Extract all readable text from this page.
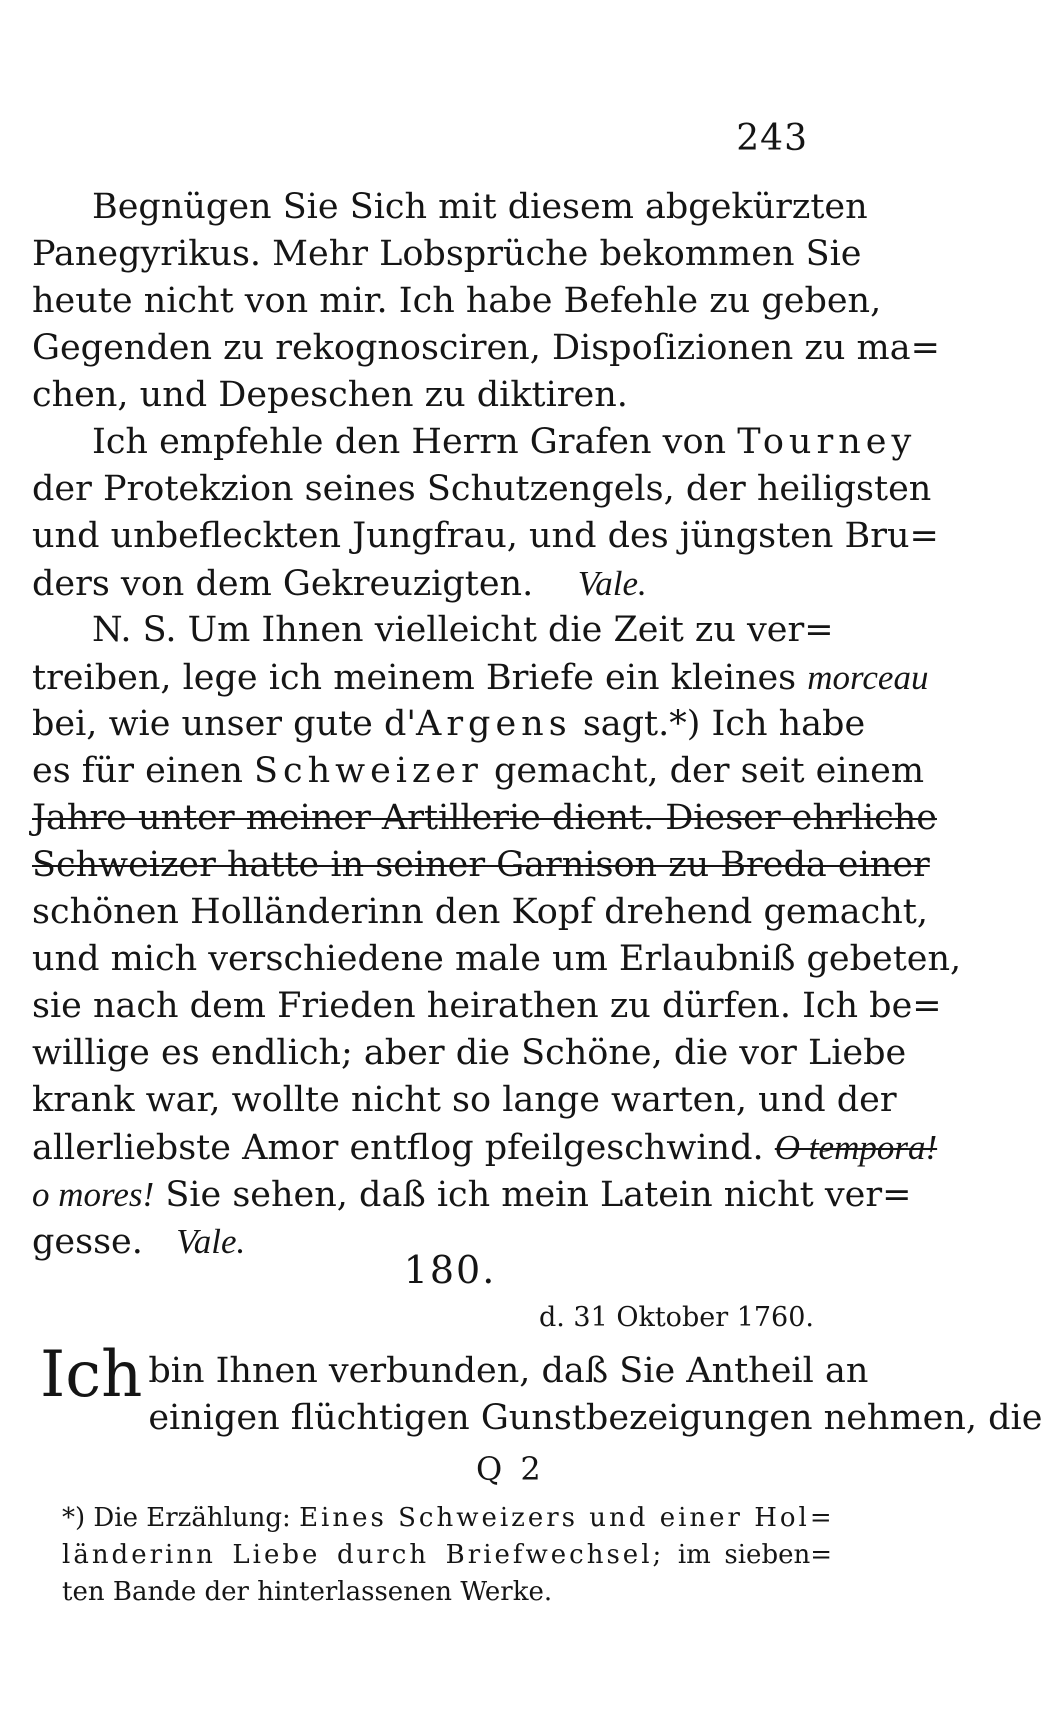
243
Begnügen Sie Sich mit diesem abgekürzten
Panegyrikus. Mehr Lobsprüche bekommen Sie
heute nicht von mir. Ich habe Befehle zu geben,
Gegenden zu rekognosciren, Dispoſizionen zu ma=
chen, und Depeschen zu diktiren.
Ich empfehle den Herrn Grafen von Tourney
der Protekzion seines Schutzengels, der heiligsten
und unbefleckten Jungfrau, und des jüngsten Bru=
ders von dem Gekreuzigten. Vale.
N. S. Um Ihnen vielleicht die Zeit zu ver=
treiben, lege ich meinem Briefe ein kleines morceau
bei, wie unser gute d'Argens sagt.*) Ich habe
es für einen Schweizer gemacht, der seit einem
Jahre unter meiner Artillerie dient. Dieser ehrliche
Schweizer hatte in seiner Garnison zu Breda einer
schönen Holländerinn den Kopf drehend gemacht,
und mich verschiedene male um Erlaubniß gebeten,
sie nach dem Frieden heirathen zu dürfen. Ich be=
willige es endlich; aber die Schöne, die vor Liebe
krank war, wollte nicht so lange warten, und der
allerliebste Amor entflog pfeilgeschwind. O tempora!
o mores! Sie sehen, daß ich mein Latein nicht ver=
gesse. Vale.
180.
d. 31 Oktober 1760.
Ich bin Ihnen verbunden, daß Sie Antheil an
einigen flüchtigen Gunstbezeigungen nehmen, die
Q 2
*) Die Erzählung: Eines Schweizers und einer Hol=
länderinn Liebe durch Briefwechsel; im sieben=
ten Bande der hinterlassenen Werke.
